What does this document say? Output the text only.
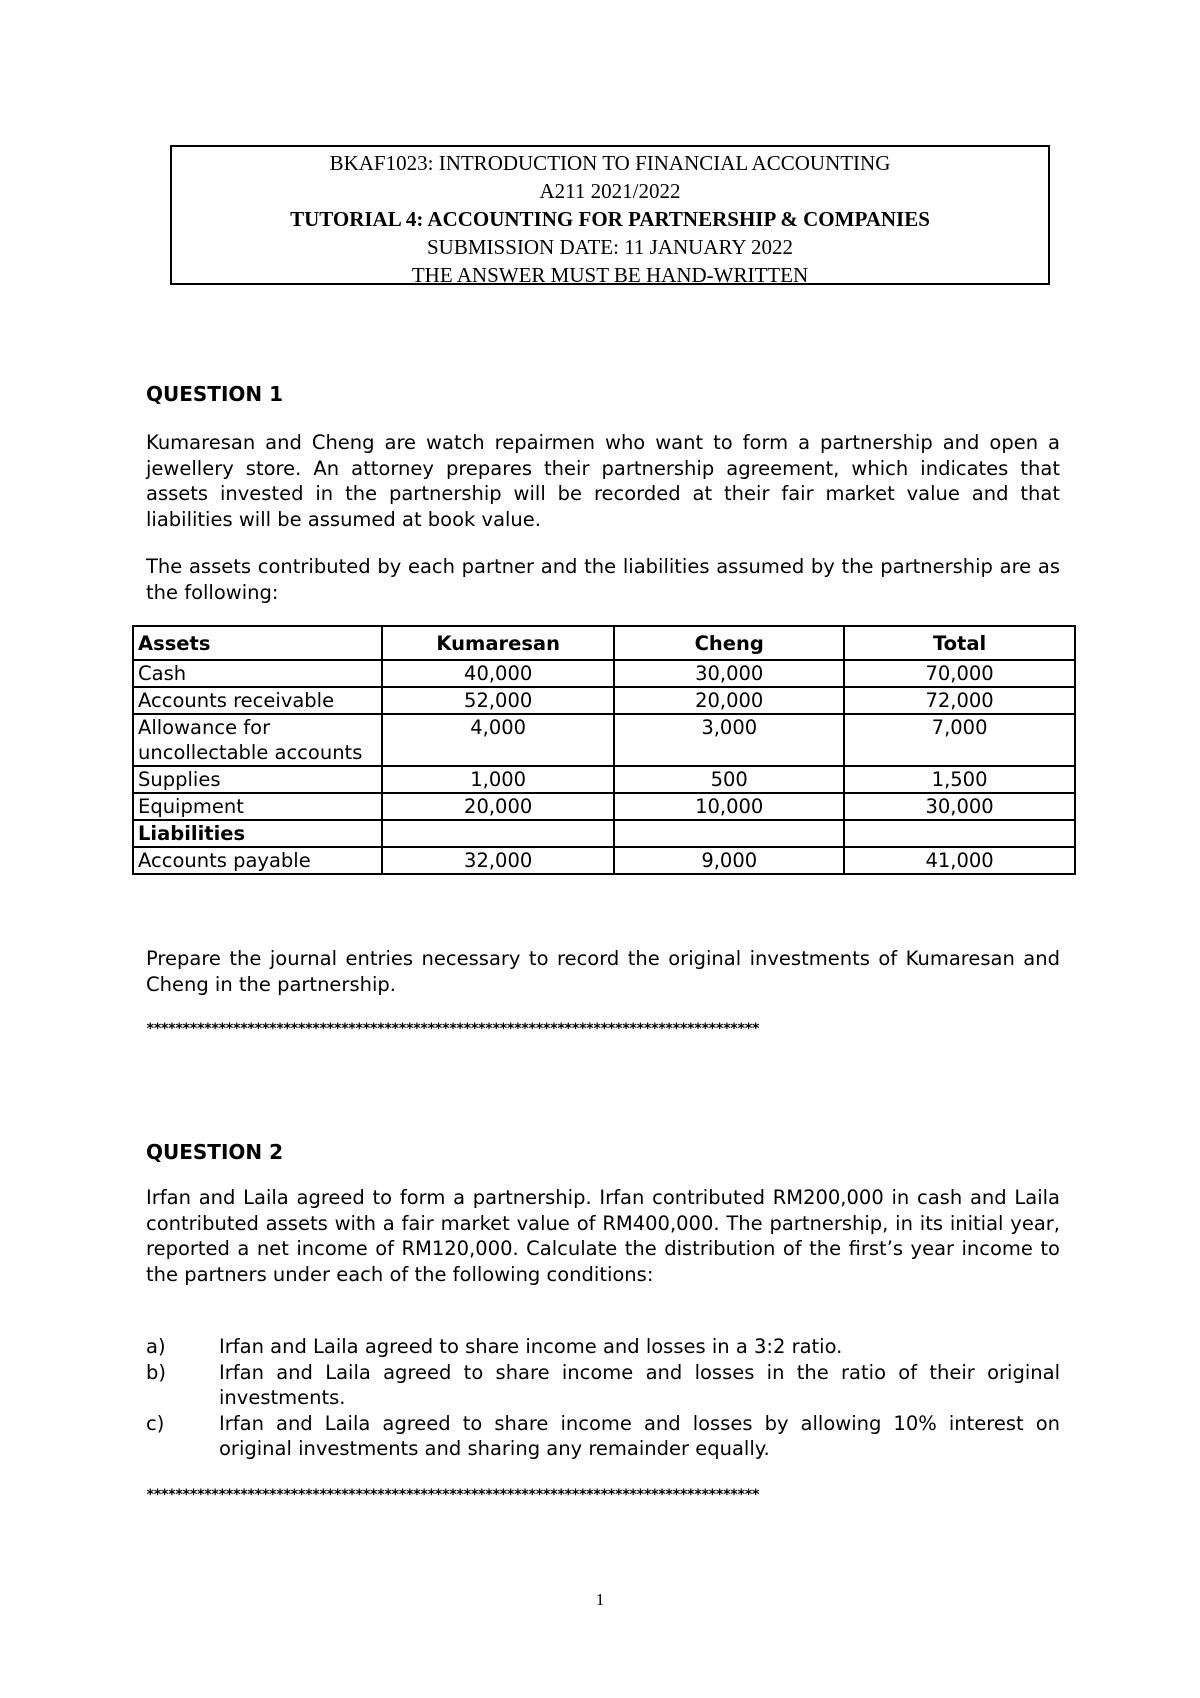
BKAF1023: INTRODUCTION TO FINANCIAL ACCOUNTING
A211 2021/2022
TUTORIAL 4: ACCOUNTING FOR PARTNERSHIP & COMPANIES
SUBMISSION DATE: 11 JANUARY 2022
THE ANSWER MUST BE HAND-WRITTEN
QUESTION 1

Kumaresan and Cheng are watch repairmen who want to form a partnership and open a jewellery store. An attorney prepares their partnership agreement, which indicates that assets invested in the partnership will be recorded at their fair market value and that liabilities will be assumed at book value.

The assets contributed by each partner and the liabilities assumed by the partnership are as the following:

Assets	Kumaresan	Cheng	Total
Cash	40,000	30,000	70,000
Accounts receivable	52,000	20,000	72,000
Allowance for uncollectable accounts	4,000	3,000	7,000
Supplies	1,000	500	1,500
Equipment	20,000	10,000	30,000
Liabilities			
Accounts payable	32,000	9,000	41,000

Prepare the journal entries necessary to record the original investments of Kumaresan and Cheng in the partnership.

*************************************************************************************
QUESTION 2

Irfan and Laila agreed to form a partnership. Irfan contributed RM200,000 in cash and Laila contributed assets with a fair market value of RM400,000. The partnership, in its initial year, reported a net income of RM120,000. Calculate the distribution of the first’s year income to the partners under each of the following conditions:

a)	Irfan and Laila agreed to share income and losses in a 3:2 ratio.
b)	Irfan and Laila agreed to share income and losses in the ratio of their original investments.
c)	Irfan and Laila agreed to share income and losses by allowing 10% interest on original investments and sharing any remainder equally.
*************************************************************************************
1
